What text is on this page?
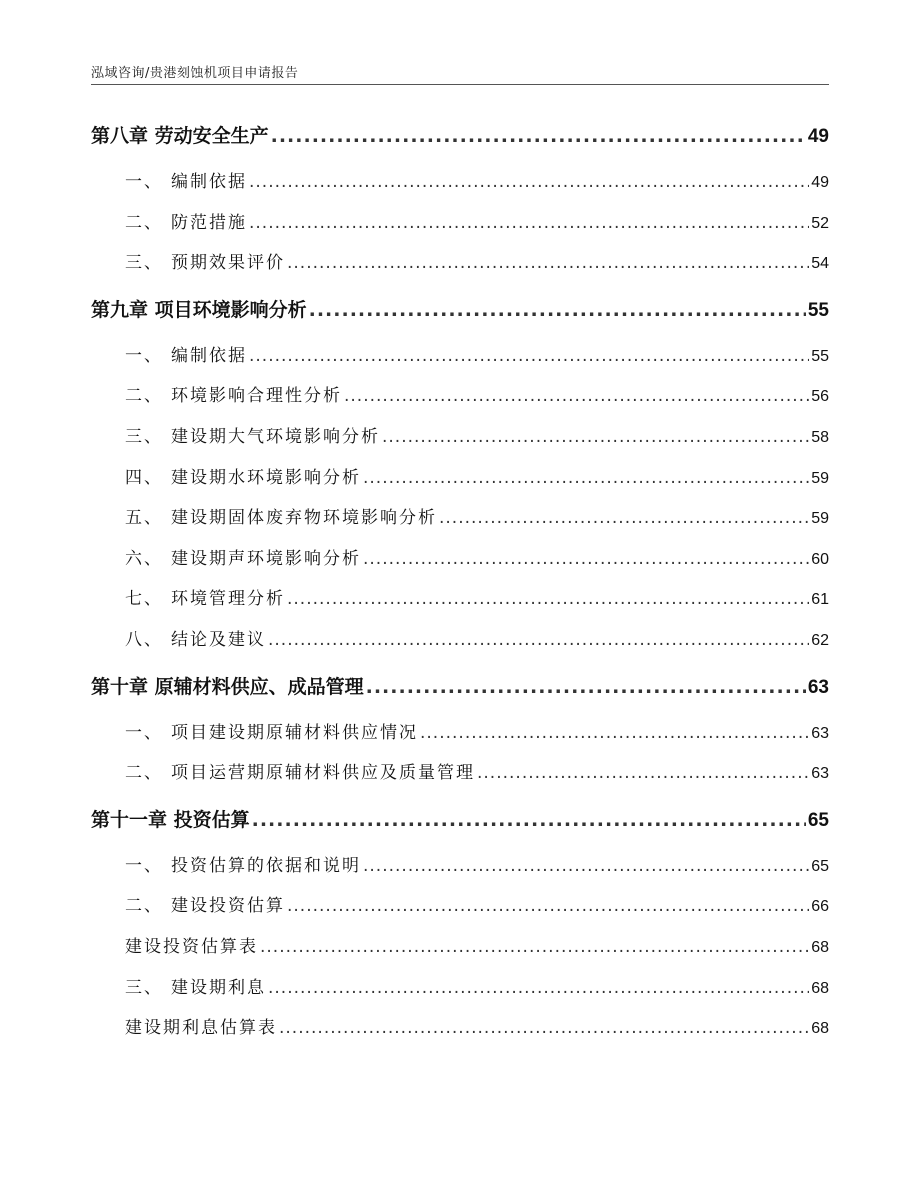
泓域咨询/贵港刻蚀机项目申请报告
第八章 劳动安全生产 .....	49
一、 编制依据 .....	49
二、 防范措施 .....	52
三、 预期效果评价 .....	54
第九章 项目环境影响分析 .....	55
一、 编制依据 .....	55
二、 环境影响合理性分析 .....	56
三、 建设期大气环境影响分析 .....	58
四、 建设期水环境影响分析 .....	59
五、 建设期固体废弃物环境影响分析 .....	59
六、 建设期声环境影响分析 .....	60
七、 环境管理分析 .....	61
八、 结论及建议 .....	62
第十章 原辅材料供应、成品管理 .....	63
一、 项目建设期原辅材料供应情况 .....	63
二、 项目运营期原辅材料供应及质量管理 .....	63
第十一章 投资估算 .....	65
一、 投资估算的依据和说明 .....	65
二、 建设投资估算 .....	66
建设投资估算表 .....	68
三、 建设期利息 .....	68
建设期利息估算表 .....	68
